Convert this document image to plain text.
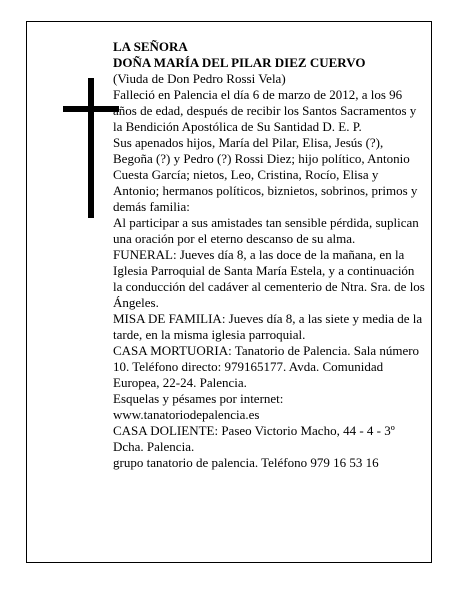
LA SEÑORA

DOÑA MARÍA DEL PILAR DIEZ CUERVO

(Viuda de Don Pedro Rossi Vela)

Falleció en Palencia el día 6 de marzo de 2012, a los 96 años de edad, después de recibir los Santos Sacramentos y la Bendición Apostólica de Su Santidad D. E. P.

Sus apenados hijos, María del Pilar, Elisa, Jesús (?), Begoña (?) y Pedro (?) Rossi Diez; hijo político, Antonio Cuesta García; nietos, Leo, Cristina, Rocío, Elisa y Antonio; hermanos políticos, biznietos, sobrinos, primos y demás familia:

Al participar a sus amistades tan sensible pérdida, suplican una oración por el eterno descanso de su alma.

FUNERAL: Jueves día 8, a las doce de la mañana, en la Iglesia Parroquial de Santa María Estela, y a continuación la conducción del cadáver al cementerio de Ntra. Sra. de los Ángeles.

MISA DE FAMILIA: Jueves día 8, a las siete y media de la tarde, en la misma iglesia parroquial.

CASA MORTUORIA: Tanatorio de Palencia. Sala número 10. Teléfono directo: 979165177. Avda. Comunidad Europea, 22-24. Palencia.

Esquelas y pésames por internet: www.tanatoriodepalencia.es

CASA DOLIENTE: Paseo Victorio Macho, 44 - 4 - 3º Dcha. Palencia.

grupo tanatorio de palencia. Teléfono 979 16 53 16
